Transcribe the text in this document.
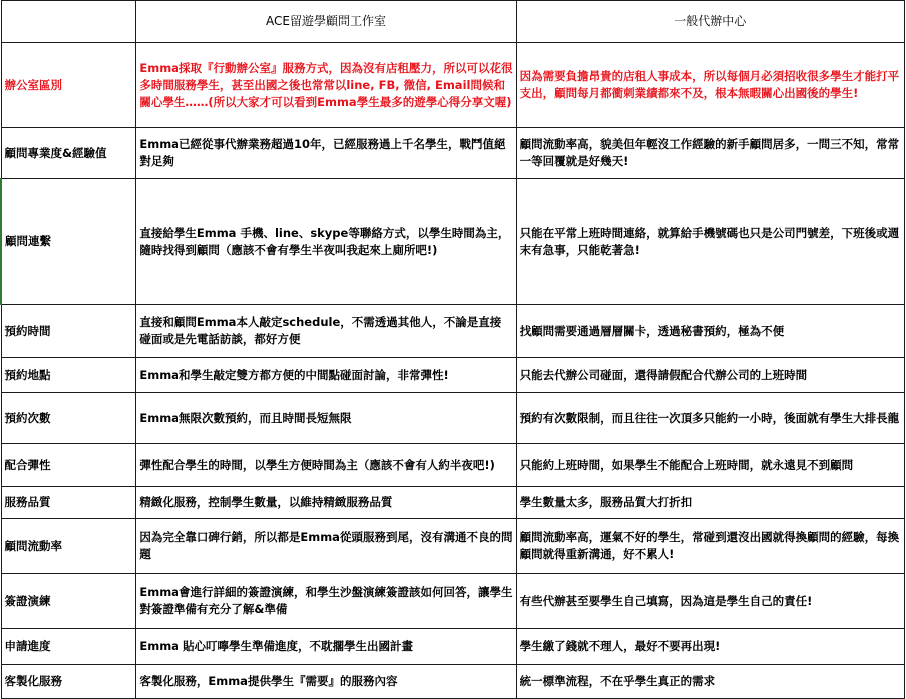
	ACE留遊學顧問工作室	一般代辦中心
辦公室區別	Emma採取『行動辦公室』服務方式，因為沒有店租壓力，所以可以花很多時間服務學生，甚至出國之後也常常以line, FB, 微信, Email問候和關心學生……(所以大家才可以看到Emma學生最多的遊學心得分享文喔)	因為需要負擔昂貴的店租人事成本，所以每個月必須招收很多學生才能打平支出，顧問每月都衝刺業績都來不及，根本無暇關心出國後的學生!
顧問專業度&經驗值	Emma已經從事代辦業務超過10年，已經服務過上千名學生，戰鬥值絕對足夠	顧問流動率高，貌美但年輕沒工作經驗的新手顧問居多，一問三不知，常常一等回覆就是好幾天!
顧問連繫	直接給學生Emma 手機、line、skype等聯絡方式，以學生時間為主，隨時找得到顧問（應該不會有學生半夜叫我起來上廁所吧!)	只能在平常上班時間連絡，就算給手機號碼也只是公司門號差，下班後或週末有急事，只能乾著急!
預約時間	直接和顧問Emma本人敲定schedule，不需透過其他人，不論是直接碰面或是先電話訪談，都好方便	找顧問需要通過層層關卡，透過秘書預約，極為不便
預約地點	Emma和學生敲定雙方都方便的中間點碰面討論，非常彈性!	只能去代辦公司碰面，還得請假配合代辦公司的上班時間
預約次數	Emma無限次數預約，而且時間長短無限	預約有次數限制，而且往往一次頂多只能約一小時，後面就有學生大排長龍
配合彈性	彈性配合學生的時間，以學生方便時間為主（應該不會有人約半夜吧!)	只能約上班時間，如果學生不能配合上班時間，就永遠見不到顧問
服務品質	精緻化服務，控制學生數量，以維持精緻服務品質	學生數量太多，服務品質大打折扣
顧問流動率	因為完全靠口碑行銷，所以都是Emma從頭服務到尾，沒有溝通不良的問題	顧問流動率高，運氣不好的學生，常碰到還沒出國就得換顧問的經驗，每換顧問就得重新溝通，好不累人!
簽證演練	Emma會進行詳細的簽證演練，和學生沙盤演練簽證該如何回答，讓學生對簽證準備有充分了解&準備	有些代辦甚至要學生自己填寫，因為這是學生自己的責任!
申請進度	Emma 貼心叮嚀學生準備進度，不耽擱學生出國計畫	學生繳了錢就不理人，最好不要再出現!
客製化服務	客製化服務，Emma提供學生『需要』的服務內容	統一標準流程，不在乎學生真正的需求
